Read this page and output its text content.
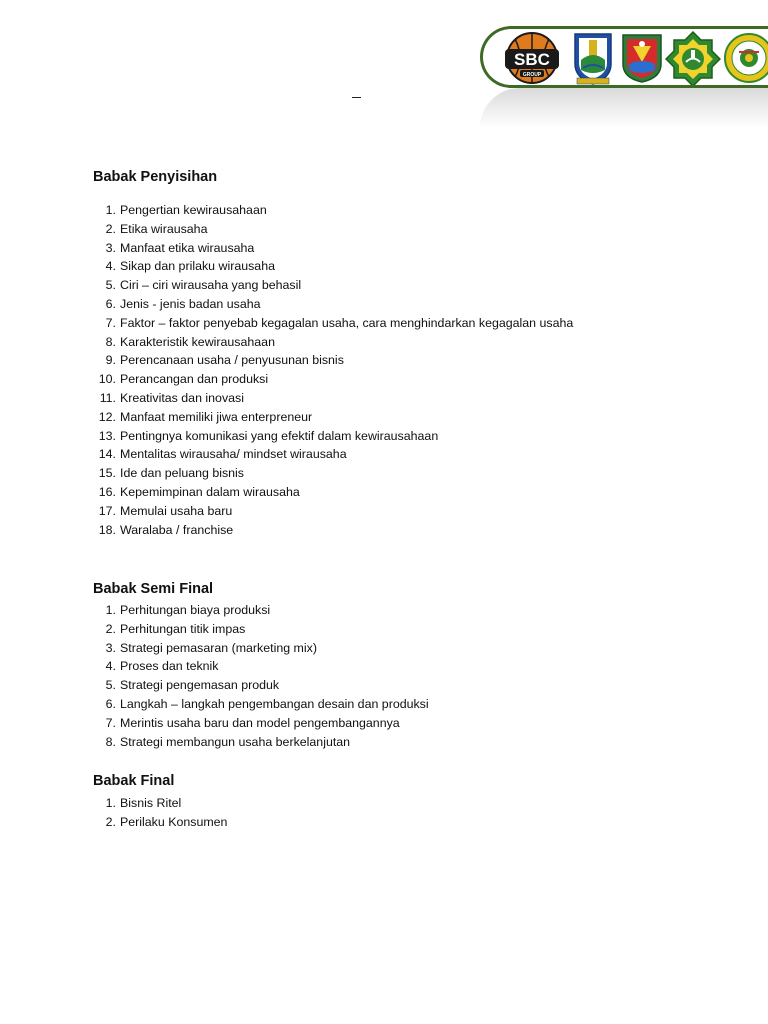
SBC
GROUP
Babak Penyisihan
1. Pengertian kewirausahaan
2. Etika wirausaha
3. Manfaat etika wirausaha
4. Sikap dan prilaku wirausaha
5. Ciri – ciri wirausaha yang behasil
6. Jenis - jenis badan usaha
7. Faktor – faktor penyebab kegagalan usaha, cara menghindarkan kegagalan usaha
8. Karakteristik kewirausahaan
9. Perencanaan usaha / penyusunan bisnis
10. Perancangan dan produksi
11. Kreativitas dan inovasi
12. Manfaat memiliki jiwa enterpreneur
13. Pentingnya komunikasi yang efektif dalam kewirausahaan
14. Mentalitas wirausaha/ mindset wirausaha
15. Ide dan peluang bisnis
16. Kepemimpinan dalam wirausaha
17. Memulai usaha baru
18. Waralaba / franchise
Babak Semi Final
1. Perhitungan biaya produksi
2. Perhitungan titik impas
3. Strategi pemasaran (marketing mix)
4. Proses dan teknik
5. Strategi pengemasan produk
6. Langkah – langkah pengembangan desain dan produksi
7. Merintis usaha baru dan model pengembangannya
8. Strategi membangun usaha berkelanjutan
Babak Final
1. Bisnis Ritel
2. Perilaku Konsumen
